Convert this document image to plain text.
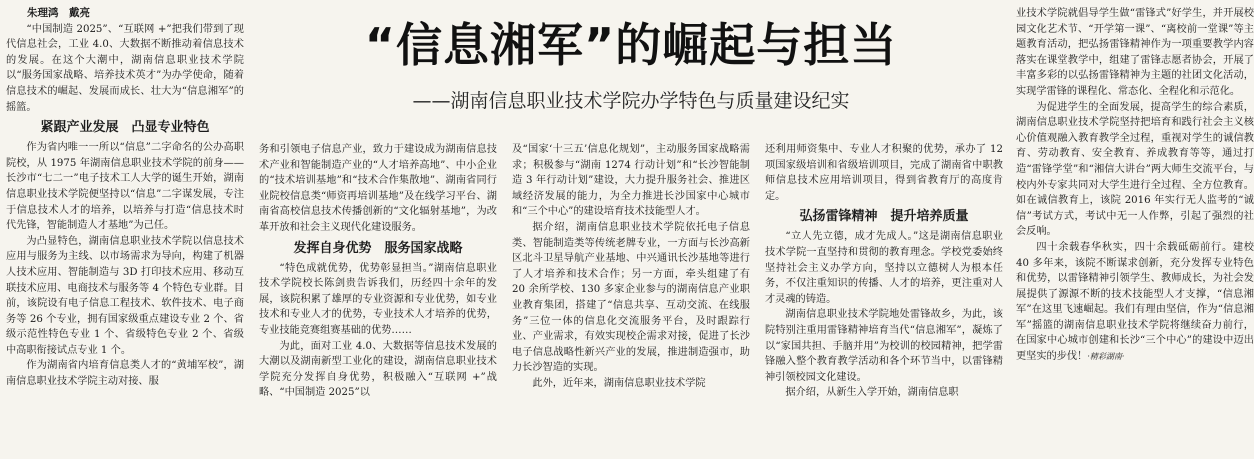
“信息湘军”的崛起与担当
——湖南信息职业技术学院办学特色与质量建设纪实

朱理鸿　戴亮

“中国制造 2025”、“互联网 +”把我们带到了现代信息社会，工业 4.0、大数据不断推动着信息技术的发展。在这个大潮中，湖南信息职业技术学院以“服务国家战略、培养技术英才”为办学使命，随着信息技术的崛起、发展而成长、壮大为“信息湘军”的摇篮。

紧跟产业发展　凸显专业特色

作为省内唯一一所以“信息”二字命名的公办高职院校，从 1975 年湖南信息职业技术学院的前身——长沙市“七二一”电子技术工人大学的诞生开始，湖南信息职业技术学院便坚持以“信息”二字谋发展，专注于信息技术人才的培养，以培养与打造“信息技术时代先锋，智能制造人才基地”为己任。

为凸显特色，湖南信息职业技术学院以信息技术应用与服务为主线、以市场需求为导向，构建了机器人技术应用、智能制造与 3D 打印技术应用、移动互联技术应用、电商技术与服务等 4 个特色专业群。目前，该院设有电子信息工程技术、软件技术、电子商务等 26 个专业，拥有国家级重点建设专业 2 个、省级示范性特色专业 1 个、省级特色专业 2 个、省级中高职衔接试点专业 1 个。

作为湖南省内培育信息类人才的“黄埔军校”，湖南信息职业技术学院主动对接、服

务和引领电子信息产业，致力于建设成为湖南信息技术产业和智能制造产业的“人才培养高地”、中小企业的“技术培训基地”和“技术合作集散地”、湖南省同行业院校信息类“师资再培训基地”及在线学习平台、湖南省高校信息技术传播创新的“文化辐射基地”，为改革开放和社会主义现代化建设服务。

发挥自身优势　服务国家战略

“特色成就优势，优势彰显担当。”湖南信息职业技术学院校长陈剑贵告诉我们，历经四十余年的发展，该院积累了雄厚的专业资源和专业优势，如专业技术和专业人才的优势，专业技术人才培养的优势，专业技能竞赛组赛基础的优势……

为此，面对工业 4.0、大数据等信息技术发展的大潮以及湖南新型工业化的建设，湖南信息职业技术学院充分发挥自身优势，积极融入“互联网 +”战略、“中国制造 2025”以

及“国家‘十三五’信息化规划”，主动服务国家战略需求；积极参与“湖南 1274 行动计划”和“长沙智能制造 3 年行动计划”建设，大力提升服务社会、推进区域经济发展的能力，为全力推进长沙国家中心城市和“三个中心”的建设培育技术技能型人才。

据介绍，湖南信息职业技术学院依托电子信息类、智能制造类等传统老牌专业，一方面与长沙高新区北斗卫星导航产业基地、中兴通讯长沙基地等进行了人才培养和技术合作；另一方面，牵头组建了有 20 余所学校、130 多家企业参与的湖南信息产业职业教育集团，搭建了“信息共享、互动交流、在线服务”三位一体的信息化交流服务平台，及时跟踪行业、产业需求，有效实现校企需求对接，促进了长沙电子信息战略性新兴产业的发展，推进制造强市，助力长沙智造的实现。

此外，近年来，湖南信息职业技术学院

还利用师资集中、专业人才积聚的优势，承办了 12 项国家级培训和省级培训项目，完成了湖南省中职教师信息技术应用培训项目，得到省教育厅的高度肯定。

弘扬雷锋精神　提升培养质量

“立人先立德，成才先成人。”这是湖南信息职业技术学院一直坚持和贯彻的教育理念。学校党委始终坚持社会主义办学方向，坚持以立德树人为根本任务，不仅注重知识的传播、人才的培养，更注重对人才灵魂的铸造。

湖南信息职业技术学院地处雷锋故乡，为此，该院特别注重用雷锋精神培育当代“信息湘军”，凝炼了以“家国共担、手脑并用”为校训的校园精神，把学雷锋融入整个教育教学活动和各个环节当中，以雷锋精神引领校园文化建设。

据介绍，从新生入学开始，湖南信息职

业技术学院就倡导学生做“雷锋式”好学生，并开展校园文化艺术节、“开学第一课”、“离校前一堂课”等主题教育活动，把弘扬雷锋精神作为一项重要教学内容落实在课堂教学中，组建了雷锋志愿者协会，开展了丰富多彩的以弘扬雷锋精神为主题的社团文化活动，实现学雷锋的课程化、常态化、全程化和示范化。

为促进学生的全面发展，提高学生的综合素质，湖南信息职业技术学院坚持把培育和践行社会主义核心价值观融入教育教学全过程，重视对学生的诚信教育、劳动教育、安全教育、养成教育等等，通过打造“雷锋学堂”和“湘信大讲台”两大师生交流平台，与校内外专家共同对大学生进行全过程、全方位教育。如在诚信教育上，该院 2016 年实行无人监考的“诚信”考试方式，考试中无一人作弊，引起了强烈的社会反响。

四十余载春华秋实，四十余载砥砺前行。建校 40 多年来，该院不断谋求创新，充分发挥专业特色和优势，以雷锋精神引领学生、教师成长，为社会发展提供了源源不断的技术技能型人才支撑，“信息湘军”在这里飞速崛起。我们有理由坚信，作为“信息湘军”摇篮的湖南信息职业技术学院将继续奋力前行，在国家中心城市创建和长沙“三个中心”的建设中迈出更坚实的步伐！·精彩湖南·
